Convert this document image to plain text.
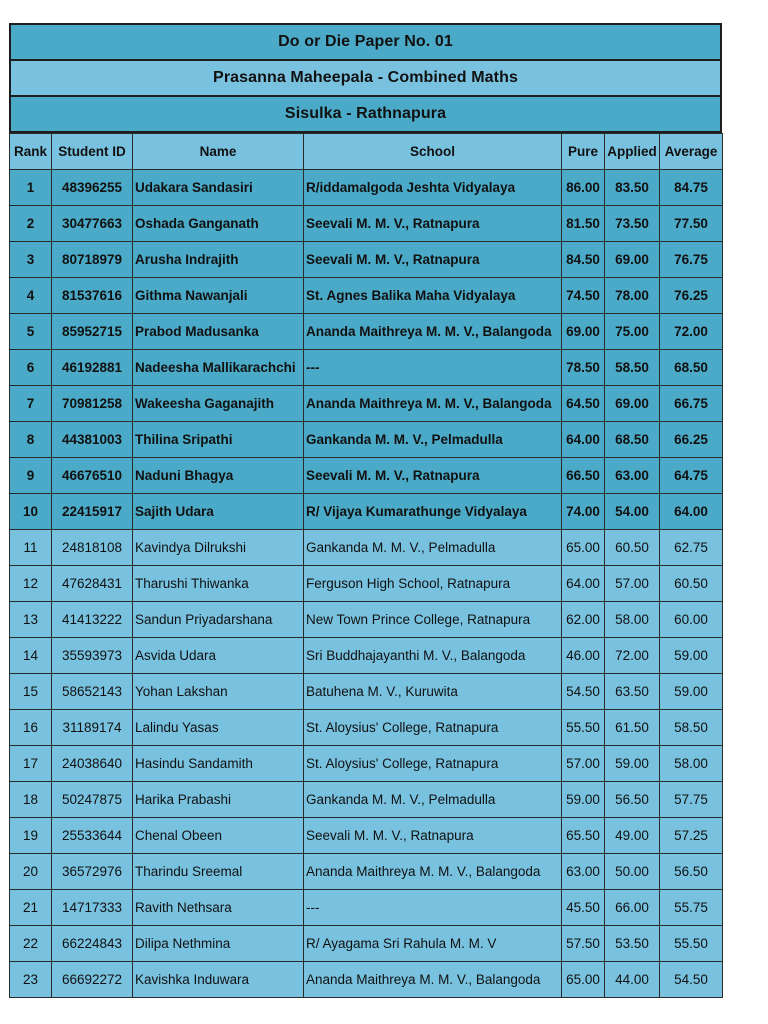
Do or Die Paper No. 01
Prasanna Maheepala - Combined Maths
Sisulka - Rathnapura
Rank	Student ID	Name	School	Pure	Applied	Average
1	48396255	Udakara Sandasiri	R/iddamalgoda Jeshta Vidyalaya	86.00	83.50	84.75
2	30477663	Oshada Ganganath	Seevali M. M. V., Ratnapura	81.50	73.50	77.50
3	80718979	Arusha Indrajith	Seevali M. M. V., Ratnapura	84.50	69.00	76.75
4	81537616	Githma Nawanjali	St. Agnes Balika Maha Vidyalaya	74.50	78.00	76.25
5	85952715	Prabod Madusanka	Ananda Maithreya M. M. V., Balangoda	69.00	75.00	72.00
6	46192881	Nadeesha Mallikarachchi	---	78.50	58.50	68.50
7	70981258	Wakeesha Gaganajith	Ananda Maithreya M. M. V., Balangoda	64.50	69.00	66.75
8	44381003	Thilina Sripathi	Gankanda M. M. V., Pelmadulla	64.00	68.50	66.25
9	46676510	Naduni Bhagya	Seevali M. M. V., Ratnapura	66.50	63.00	64.75
10	22415917	Sajith Udara	R/ Vijaya Kumarathunge Vidyalaya	74.00	54.00	64.00
11	24818108	Kavindya Dilrukshi	Gankanda M. M. V., Pelmadulla	65.00	60.50	62.75
12	47628431	Tharushi Thiwanka	Ferguson High School, Ratnapura	64.00	57.00	60.50
13	41413222	Sandun Priyadarshana	New Town Prince College, Ratnapura	62.00	58.00	60.00
14	35593973	Asvida Udara	Sri Buddhajayanthi M. V., Balangoda	46.00	72.00	59.00
15	58652143	Yohan Lakshan	Batuhena M. V., Kuruwita	54.50	63.50	59.00
16	31189174	Lalindu Yasas	St. Aloysius' College, Ratnapura	55.50	61.50	58.50
17	24038640	Hasindu Sandamith	St. Aloysius' College, Ratnapura	57.00	59.00	58.00
18	50247875	Harika Prabashi	Gankanda M. M. V., Pelmadulla	59.00	56.50	57.75
19	25533644	Chenal Obeen	Seevali M. M. V., Ratnapura	65.50	49.00	57.25
20	36572976	Tharindu Sreemal	Ananda Maithreya M. M. V., Balangoda	63.00	50.00	56.50
21	14717333	Ravith Nethsara	---	45.50	66.00	55.75
22	66224843	Dilipa Nethmina	R/ Ayagama Sri Rahula M. M. V	57.50	53.50	55.50
23	66692272	Kavishka Induwara	Ananda Maithreya M. M. V., Balangoda	65.00	44.00	54.50
